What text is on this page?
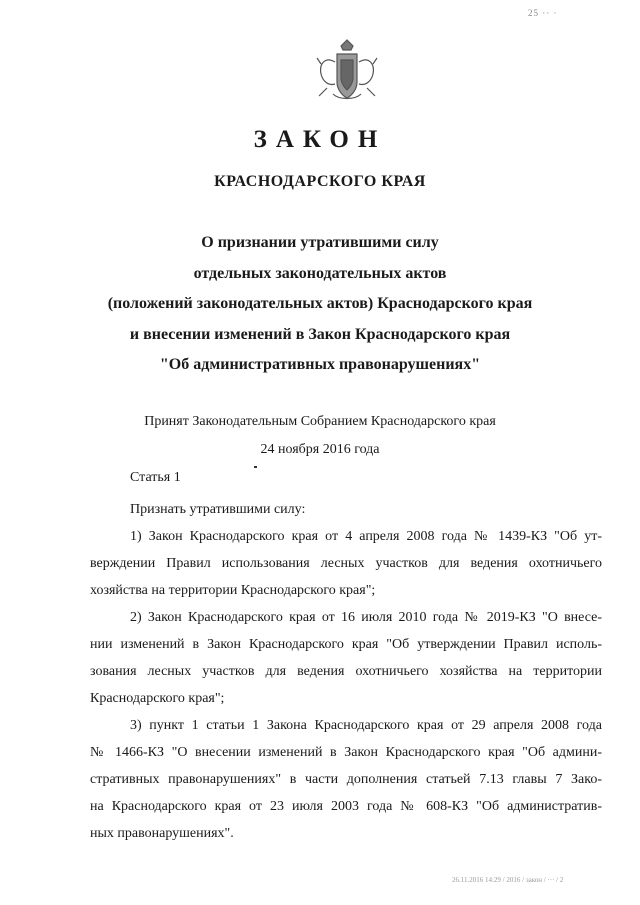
25 ·· ·
ЗАКОН
КРАСНОДАРСКОГО КРАЯ
О признании утратившими силу
отдельных законодательных актов
(положений законодательных актов) Краснодарского края
и внесении изменений в Закон Краснодарского края
"Об административных правонарушениях"
Принят Законодательным Собранием Краснодарского края
24 ноября 2016 года
Статья 1
Признать утратившими силу:
1) Закон Краснодарского края от 4 апреля 2008 года № 1439-КЗ "Об ут-
верждении Правил использования лесных участков для ведения охотничьего
хозяйства на территории Краснодарского края";
2) Закон Краснодарского края от 16 июля 2010 года № 2019-КЗ "О внесе-
нии изменений в Закон Краснодарского края "Об утверждении Правил исполь-
зования лесных участков для ведения охотничьего хозяйства на территории
Краснодарского края";
3) пункт 1 статьи 1 Закона Краснодарского края от 29 апреля 2008 года
№ 1466-КЗ "О внесении изменений в Закон Краснодарского края "Об админи-
стративных правонарушениях" в части дополнения статьей 7.13 главы 7 Зако-
на Краснодарского края от 23 июля 2003 года № 608-КЗ "Об административ-
ных правонарушениях".
26.11.2016 14:29 / 2016 / закон / ··· / 2
